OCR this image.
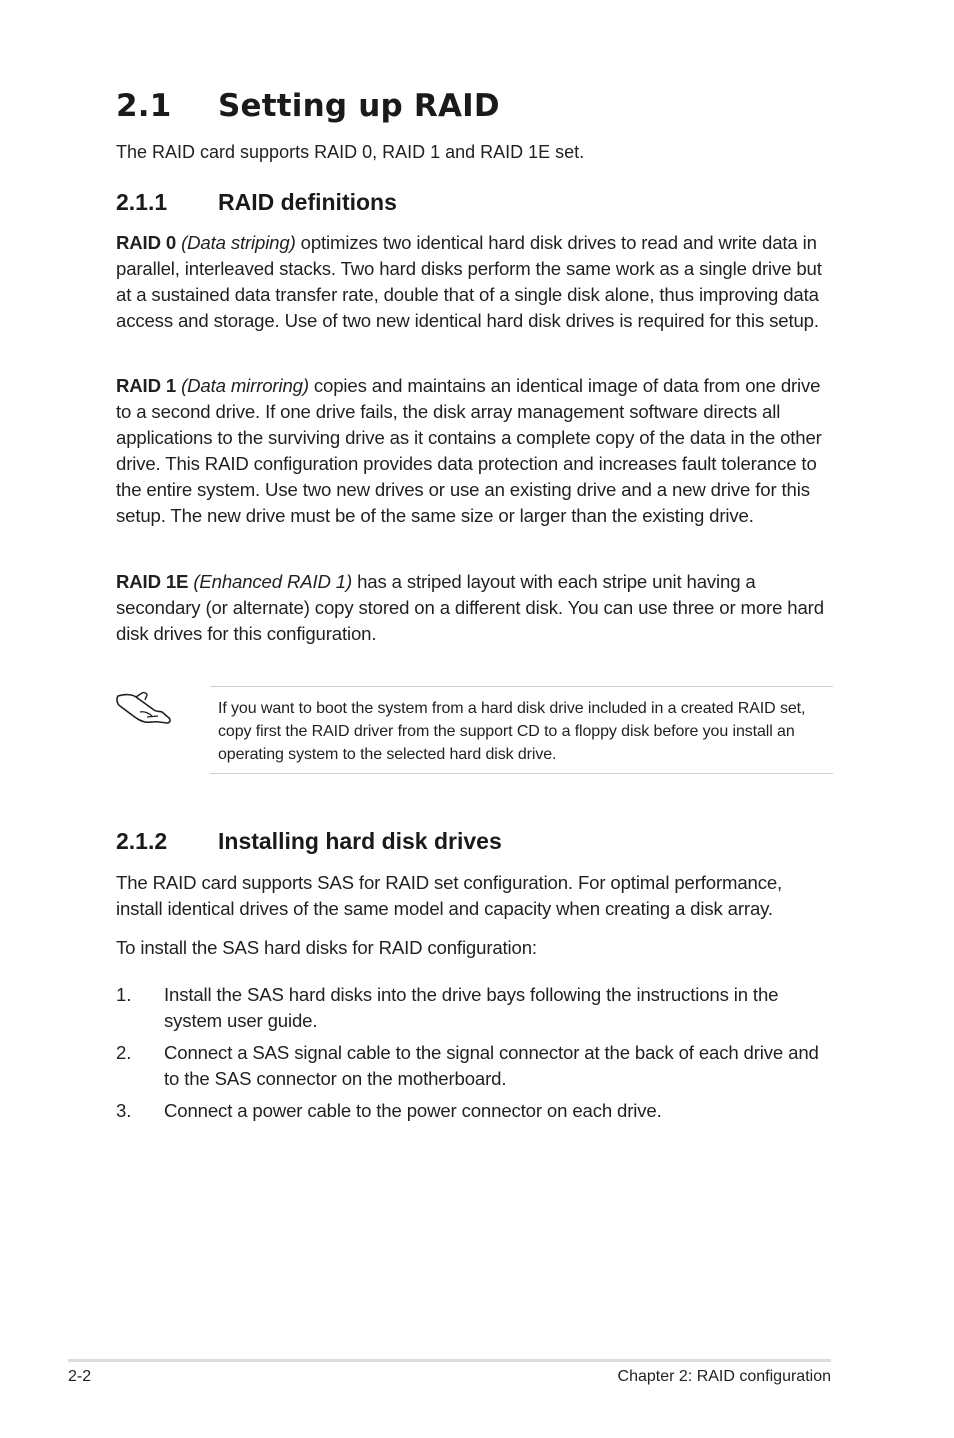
2.1 Setting up RAID

The RAID card supports RAID 0, RAID 1 and RAID 1E set.

2.1.1 RAID definitions

RAID 0 (Data striping) optimizes two identical hard disk drives to read and write data in parallel, interleaved stacks. Two hard disks perform the same work as a single drive but at a sustained data transfer rate, double that of a single disk alone, thus improving data access and storage. Use of two new identical hard disk drives is required for this setup.

RAID 1 (Data mirroring) copies and maintains an identical image of data from one drive to a second drive. If one drive fails, the disk array management software directs all applications to the surviving drive as it contains a complete copy of the data in the other drive. This RAID configuration provides data protection and increases fault tolerance to the entire system. Use two new drives or use an existing drive and a new drive for this setup. The new drive must be of the same size or larger than the existing drive.

RAID 1E (Enhanced RAID 1) has a striped layout with each stripe unit having a secondary (or alternate) copy stored on a different disk. You can use three or more hard disk drives for this configuration.

If you want to boot the system from a hard disk drive included in a created RAID set, copy first the RAID driver from the support CD to a floppy disk before you install an operating system to the selected hard disk drive.

2.1.2 Installing hard disk drives

The RAID card supports SAS for RAID set configuration. For optimal performance, install identical drives of the same model and capacity when creating a disk array.

To install the SAS hard disks for RAID configuration:

1. Install the SAS hard disks into the drive bays following the instructions in the system user guide.
2. Connect a SAS signal cable to the signal connector at the back of each drive and to the SAS connector on the motherboard.
3. Connect a power cable to the power connector on each drive.
2-2	Chapter 2: RAID configuration
